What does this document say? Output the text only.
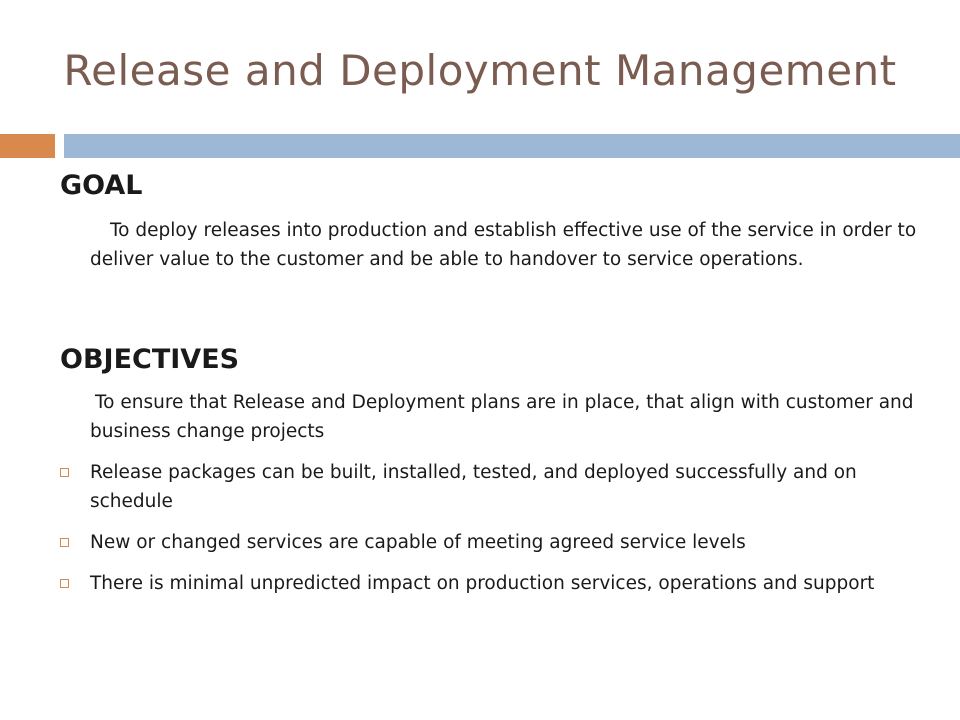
Release and Deployment Management
GOAL

To deploy releases into production and establish effective use of the service in order to deliver value to the customer and be able to handover to service operations.

OBJECTIVES

To ensure that Release and Deployment plans are in place, that align with customer and business change projects

Release packages can be built, installed, tested, and deployed successfully and on schedule
New or changed services are capable of meeting agreed service levels
There is minimal unpredicted impact on production services, operations and support
